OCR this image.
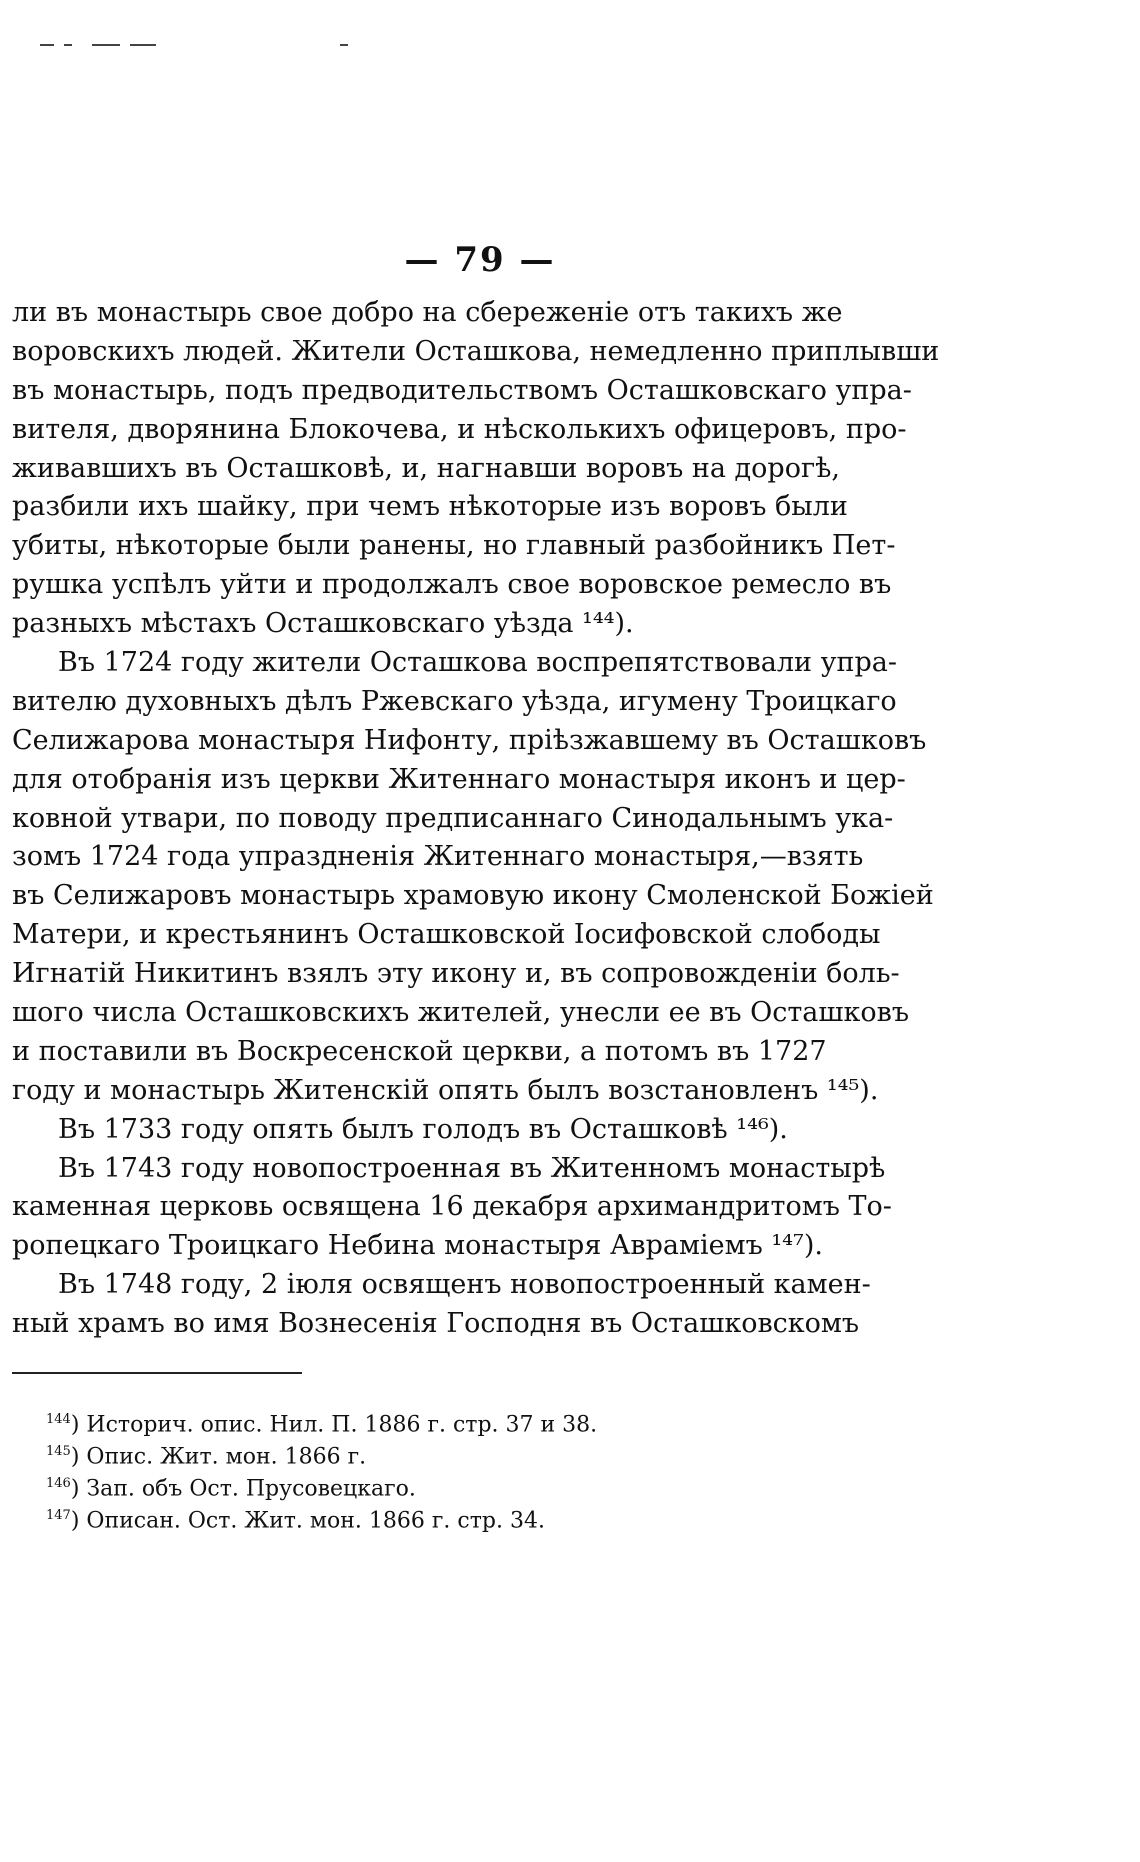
— 79 —
ли въ монастырь свое добро на сбереженіе отъ такихъ же
воровскихъ людей. Жители Осташкова, немедленно приплывши
въ монастырь, подъ предводительствомъ Осташковскаго упра-
вителя, дворянина Блокочева, и нѣсколькихъ офицеровъ, про-
живавшихъ въ Осташковѣ, и, нагнавши воровъ на дорогѣ,
разбили ихъ шайку, при чемъ нѣкоторые изъ воровъ были
убиты, нѣкоторые были ранены, но главный разбойникъ Пет-
рушка успѣлъ уйти и продолжалъ свое воровское ремесло въ
разныхъ мѣстахъ Осташковскаго уѣзда ¹⁴⁴).
Въ 1724 году жители Осташкова воспрепятствовали упра-
вителю духовныхъ дѣлъ Ржевскаго уѣзда, игумену Троицкаго
Селижарова монастыря Нифонту, пріѣзжавшему въ Осташковъ
для отобранія изъ церкви Житеннаго монастыря иконъ и цер-
ковной утвари, по поводу предписаннаго Синодальнымъ ука-
зомъ 1724 года упраздненія Житеннаго монастыря,—взять
въ Селижаровъ монастырь храмовую икону Смоленской Божіей
Матери, и крестьянинъ Осташковской Іосифовской слободы
Игнатій Никитинъ взялъ эту икону и, въ сопровожденіи боль-
шого числа Осташковскихъ жителей, унесли ее въ Осташковъ
и поставили въ Воскресенской церкви, а потомъ въ 1727
году и монастырь Житенскій опять былъ возстановленъ ¹⁴⁵).
Въ 1733 году опять былъ голодъ въ Осташковѣ ¹⁴⁶).
Въ 1743 году новопостроенная въ Житенномъ монастырѣ
каменная церковь освящена 16 декабря архимандритомъ То-
ропецкаго Троицкаго Небина монастыря Авраміемъ ¹⁴⁷).
Въ 1748 году, 2 іюля освященъ новопостроенный камен-
ный храмъ во имя Вознесенія Господня въ Осташковскомъ
$^{144}$) Историч. опис. Нил. П. 1886 г. стр. 37 и 38.
$^{145}$) Опис. Жит. мон. 1866 г.
$^{146}$) Зап. объ Ост. Прусовецкаго.
$^{147}$) Описан. Ост. Жит. мон. 1866 г. стр. 34.
